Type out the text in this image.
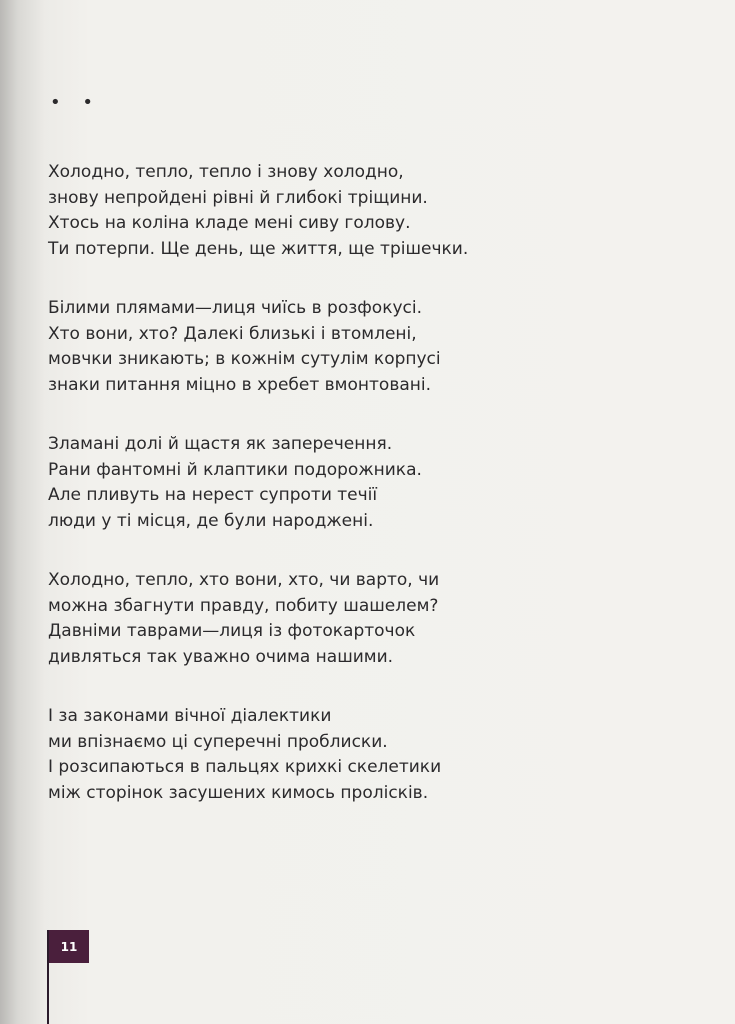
• •
Холодно, тепло, тепло і знову холодно,
знову непройдені рівні й глибокі тріщини.
Хтось на коліна кладе мені сиву голову.
Ти потерпи. Ще день, ще життя, ще трішечки.
Білими плямами—лиця чиїсь в розфокусі.
Хто вони, хто? Далекі близькі і втомлені,
мовчки зникають; в кожнім сутулім корпусі
знаки питання міцно в хребет вмонтовані.
Зламані долі й щастя як заперечення.
Рани фантомні й клаптики подорожника.
Але пливуть на нерест супроти течії
люди у ті місця, де були народжені.
Холодно, тепло, хто вони, хто, чи варто, чи
можна збагнути правду, побиту шашелем?
Давніми таврами—лиця із фотокарточок
дивляться так уважно очима нашими.
І за законами вічної діалектики
ми впізнаємо ці суперечні проблиски.
І розсипаються в пальцях крихкі скелетики
між сторінок засушених кимось пролісків.
11
